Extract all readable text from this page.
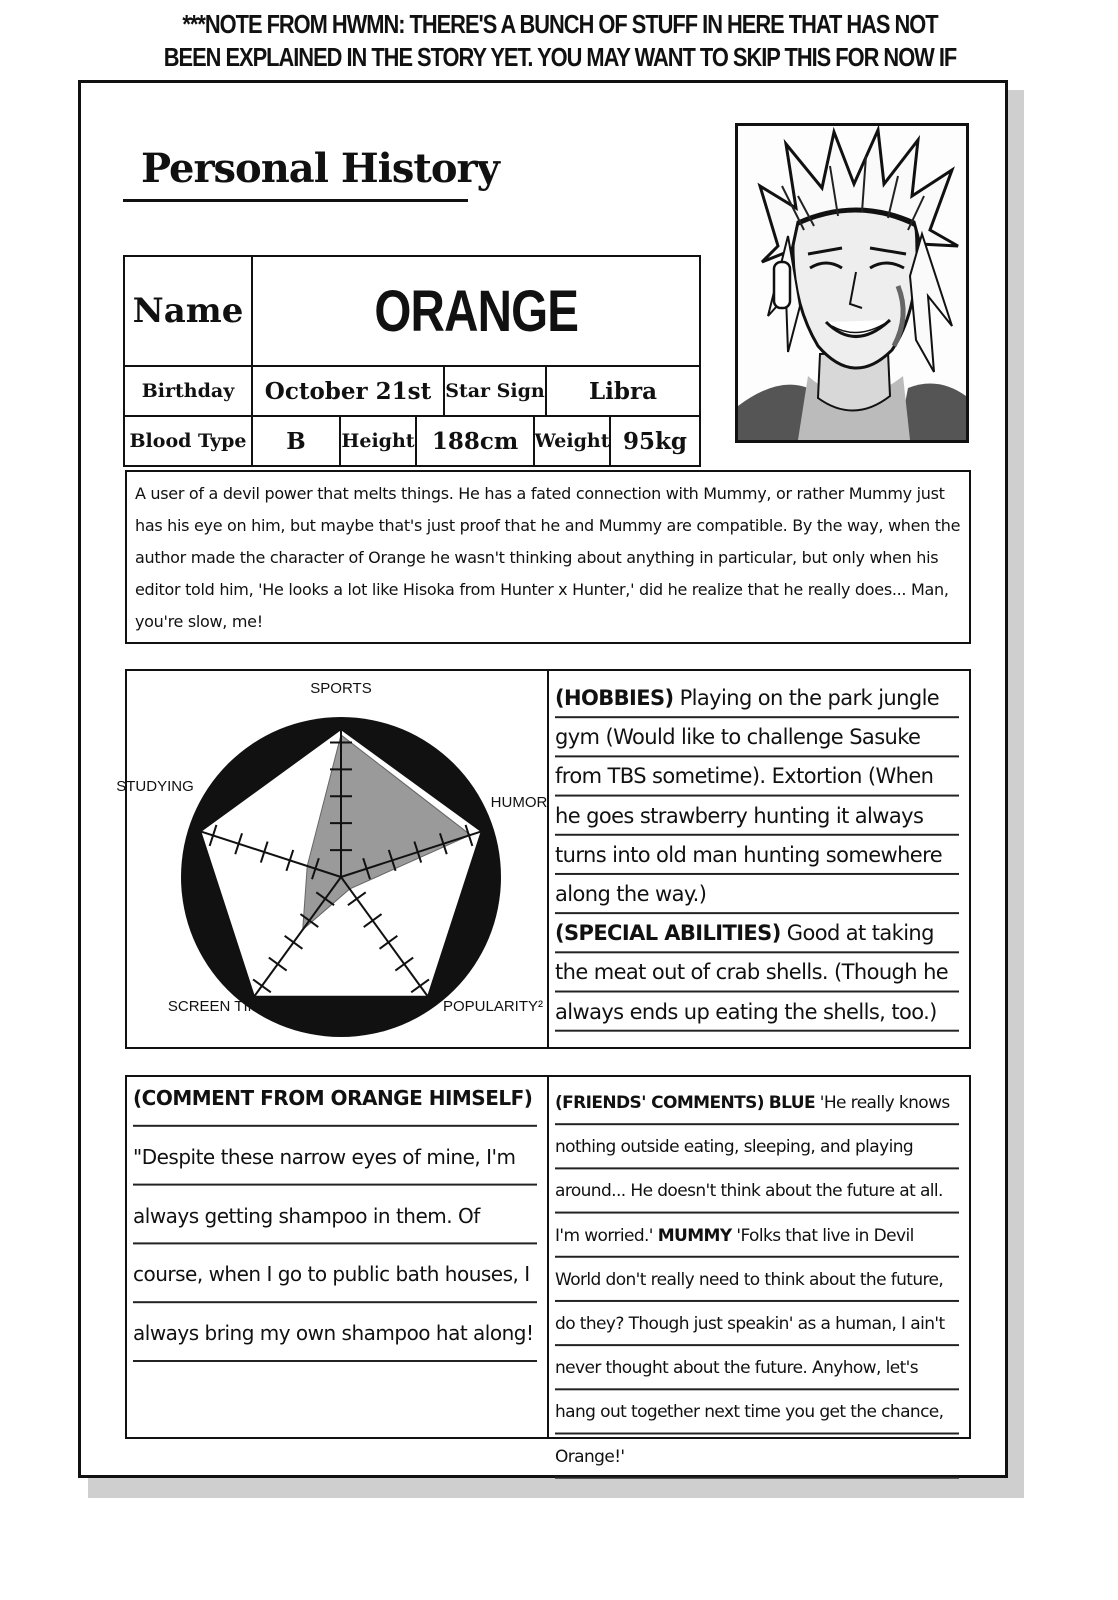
***NOTE FROM HWMN: THERE'S A BUNCH OF STUFF IN HERE THAT HAS NOT BEEN EXPLAINED IN THE STORY YET. YOU MAY WANT TO SKIP THIS FOR NOW IF
Personal History
Name ORANGE
Birthday October 21st Star Sign Libra
Blood Type B Height 188cm Weight 95kg
A user of a devil power that melts things. He has a fated connection with Mummy, or rather Mummy just has his eye on him, but maybe that's just proof that he and Mummy are compatible. By the way, when the author made the character of Orange he wasn't thinking about anything in particular, but only when his editor told him, 'He looks a lot like Hisoka from Hunter x Hunter,' did he realize that he really does... Man, you're slow, me!
SPORTS
HUMOR
POPULARITY²
SCREEN TIME
STUDYING
(HOBBIES) Playing on the park jungle gym (Would like to challenge Sasuke from TBS sometime). Extortion (When he goes strawberry hunting it always turns into old man hunting somewhere along the way.)
(SPECIAL ABILITIES) Good at taking the meat out of crab shells. (Though he always ends up eating the shells, too.)
(COMMENT FROM ORANGE HIMSELF)
"Despite these narrow eyes of mine, I'm always getting shampoo in them. Of course, when I go to public bath houses, I always bring my own shampoo hat along!
(FRIENDS' COMMENTS) BLUE 'He really knows nothing outside eating, sleeping, and playing around... He doesn't think about the future at all. I'm worried.' MUMMY 'Folks that live in Devil World don't really need to think about the future, do they? Though just speakin' as a human, I ain't never thought about the future. Anyhow, let's hang out together next time you get the chance, Orange!'
